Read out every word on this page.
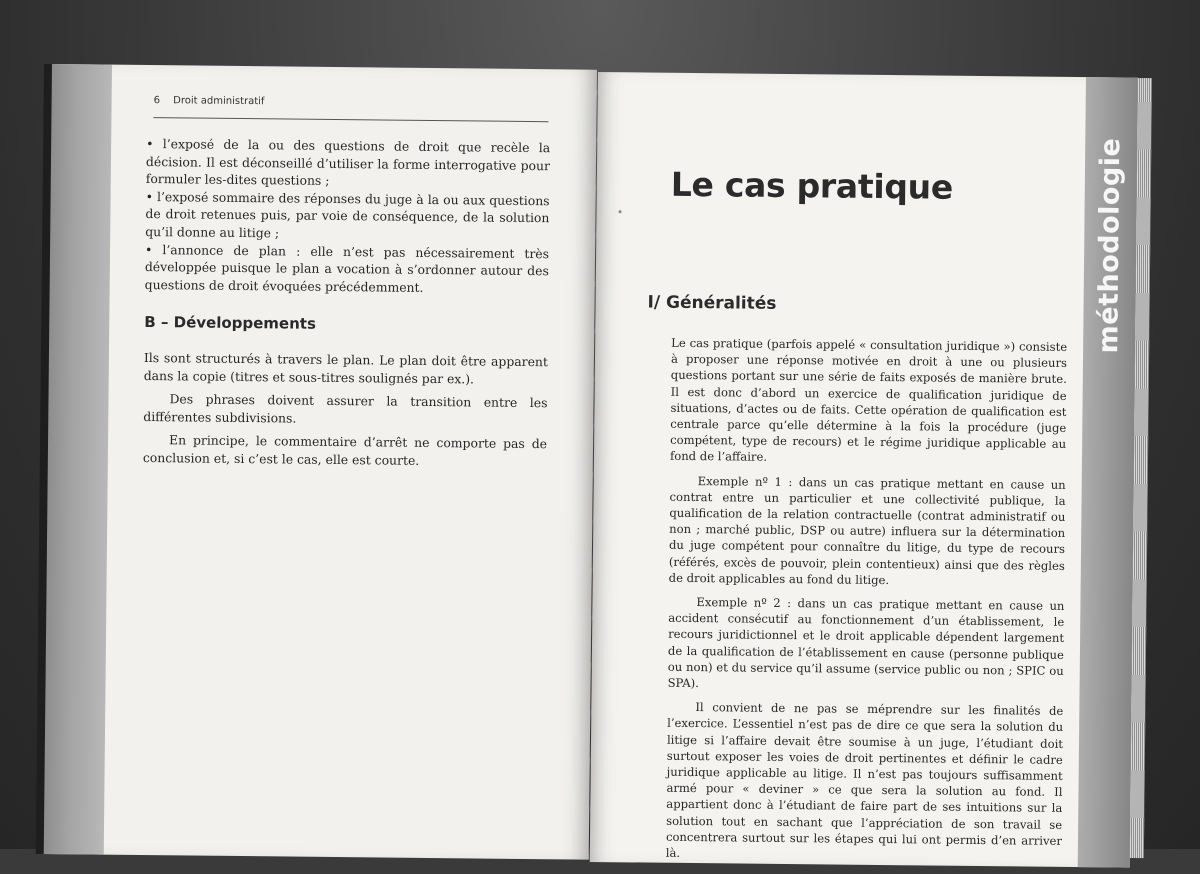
6 Droit administratif

• l’exposé de la ou des questions de droit que recèle la décision. Il est déconseillé d’utiliser la forme interrogative pour formuler les-dites questions ;

• l’exposé sommaire des réponses du juge à la ou aux questions de droit retenues puis, par voie de conséquence, de la solution qu’il donne au litige ;

• l’annonce de plan : elle n’est pas nécessairement très développée puisque le plan a vocation à s’ordonner autour des questions de droit évoquées précédemment.

B – Développements

Ils sont structurés à travers le plan. Le plan doit être apparent dans la copie (titres et sous-titres soulignés par ex.).

Des phrases doivent assurer la transition entre les différentes subdivisions.

En principe, le commentaire d’arrêt ne comporte pas de conclusion et, si c’est le cas, elle est courte.

méthodologie
Le cas pratique
I/ Généralités

Le cas pratique (parfois appelé « consultation juridique ») consiste à proposer une réponse motivée en droit à une ou plusieurs questions portant sur une série de faits exposés de manière brute. Il est donc d’abord un exercice de qualification juridique de situations, d’actes ou de faits. Cette opération de qualification est centrale parce qu’elle détermine à la fois la procédure (juge compétent, type de recours) et le régime juridique applicable au fond de l’affaire.

Exemple nº 1 : dans un cas pratique mettant en cause un contrat entre un particulier et une collectivité publique, la qualification de la relation contractuelle (contrat administratif ou non ; marché public, DSP ou autre) influera sur la détermination du juge compétent pour connaître du litige, du type de recours (référés, excès de pouvoir, plein contentieux) ainsi que des règles de droit applicables au fond du litige.

Exemple nº 2 : dans un cas pratique mettant en cause un accident consécutif au fonctionnement d’un établissement, le recours juridictionnel et le droit applicable dépendent largement de la qualification de l’établissement en cause (personne publique ou non) et du service qu’il assume (service public ou non ; SPIC ou SPA).

Il convient de ne pas se méprendre sur les finalités de l’exercice. L’essentiel n’est pas de dire ce que sera la solution du litige si l’affaire devait être soumise à un juge, l’étudiant doit surtout exposer les voies de droit pertinentes et définir le cadre juridique applicable au litige. Il n’est pas toujours suffisamment armé pour « deviner » ce que sera la solution au fond. Il appartient donc à l’étudiant de faire part de ses intuitions sur la solution tout en sachant que l’appréciation de son travail se concentrera surtout sur les étapes qui lui ont permis d’en arriver là.
